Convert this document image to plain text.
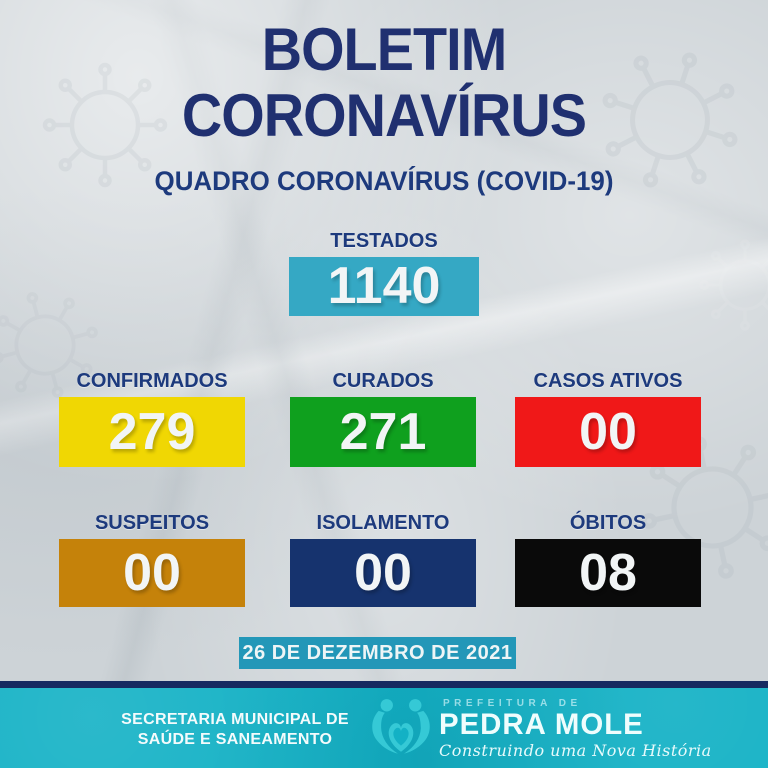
BOLETIM
CORONAVÍRUS
QUADRO CORONAVÍRUS (COVID-19)
TESTADOS
1140
CONFIRMADOS
279
CURADOS
271
CASOS ATIVOS
00
SUSPEITOS
00
ISOLAMENTO
00
ÓBITOS
08
26 DE DEZEMBRO DE 2021
SECRETARIA MUNICIPAL DE
SAÚDE E SANEAMENTO
PREFEITURA DE
PEDRA MOLE
Construindo uma Nova História
